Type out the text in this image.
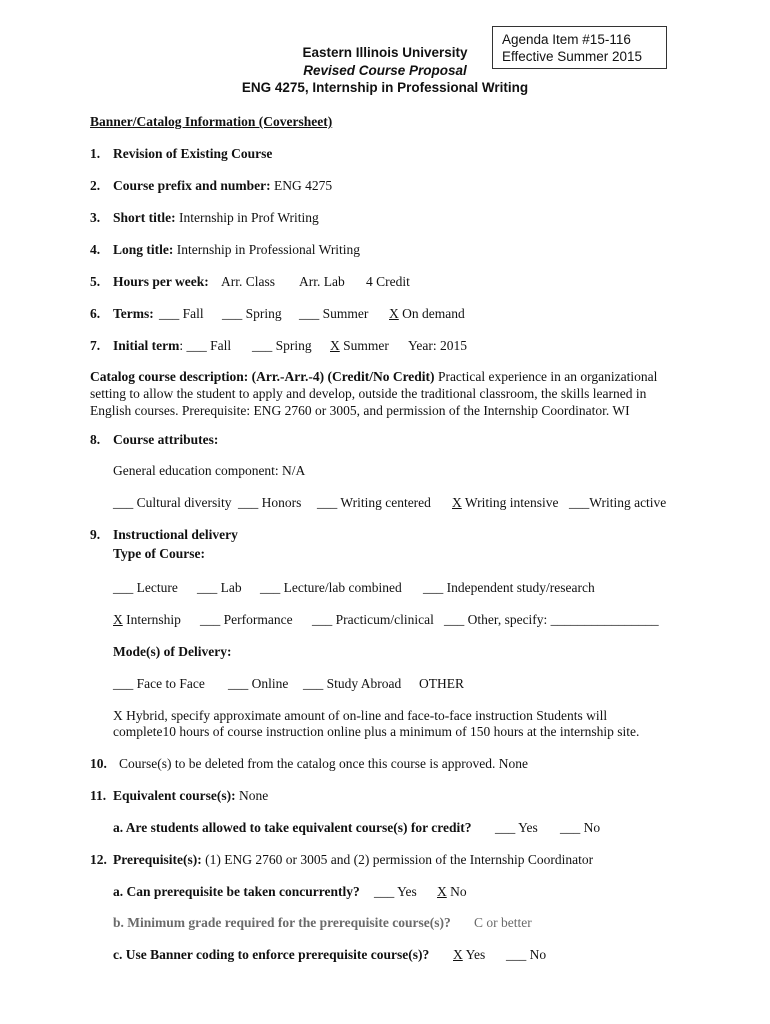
Agenda Item #15-116
Effective Summer 2015
Eastern Illinois University
Revised Course Proposal
ENG 4275, Internship in Professional Writing
Banner/Catalog Information (Coversheet)
1. Revision of Existing Course
2. Course prefix and number: ENG 4275
3. Short title: Internship in Prof Writing
4. Long title: Internship in Professional Writing
5. Hours per week: Arr. Class Arr. Lab 4 Credit
6. Terms: ___ Fall ___ Spring ___ Summer X On demand
7. Initial term: ___ Fall ___ Spring X Summer Year: 2015
Catalog course description: (Arr.-Arr.-4) (Credit/No Credit) Practical experience in an organizational setting to allow the student to apply and develop, outside the traditional classroom, the skills learned in English courses. Prerequisite: ENG 2760 or 3005, and permission of the Internship Coordinator. WI
8. Course attributes:
General education component: N/A
___ Cultural diversity ___ Honors ___ Writing centered X Writing intensive ___Writing active
9. Instructional delivery
Type of Course:
___ Lecture ___ Lab ___ Lecture/lab combined ___ Independent study/research
X Internship ___ Performance ___ Practicum/clinical ___ Other, specify: ________________
Mode(s) of Delivery:
___ Face to Face ___ Online ___ Study Abroad OTHER
X Hybrid, specify approximate amount of on-line and face-to-face instruction Students will
complete10 hours of course instruction online plus a minimum of 150 hours at the internship site.
10. Course(s) to be deleted from the catalog once this course is approved. None
11. Equivalent course(s): None
a. Are students allowed to take equivalent course(s) for credit? ___ Yes ___ No
12. Prerequisite(s): (1) ENG 2760 or 3005 and (2) permission of the Internship Coordinator
a. Can prerequisite be taken concurrently? ___ Yes X No
b. Minimum grade required for the prerequisite course(s)? C or better
c. Use Banner coding to enforce prerequisite course(s)? X Yes ___ No
